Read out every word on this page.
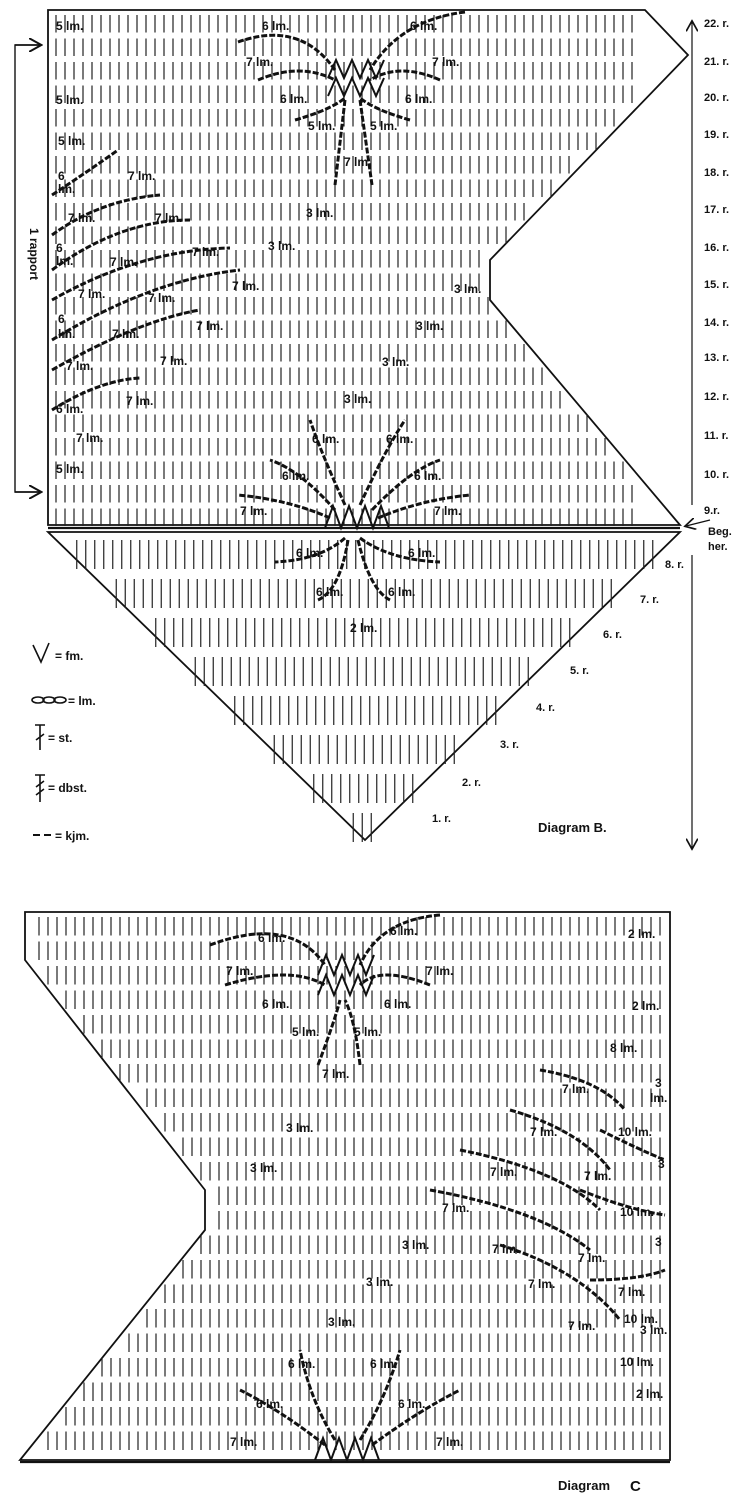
5 lm.	6 lm.	6 lm.
7 lm.	7 lm.
5 lm.	6 lm.	6 lm.
5 lm.	5 lm.
5 lm.
7 lm.
6
lm.
7 lm.
7 lm.	7 lm.	3 lm.
6
lm.	7 lm.
7 lm.	3 lm.
7 lm.	3 lm.
7 lm.
7 lm.
6
lm.	7 lm.
7 lm.	3 lm.
7 lm.	7 lm.	3 lm.
7 lm.
6 lm.
3 lm.
7 lm.	6 lm.	6 lm.
5 lm.	6 lm.	6 lm.
7 lm.	7 lm.
6 lm.	6 lm.
6 lm.	6 lm.
2 lm.
1. r.
2. r.
3. r.
4. r.
5. r.
6. r.
7. r.
8. r.
9.r.
10. r.
11. r.
12. r.
13. r.
14. r.
15. r.
16. r.
17. r.
18. r.
19. r.
20. r.
21. r.
22. r.
1 rapport
Beg.
her.
Diagram B.
= fm.
= lm.
= st.
= dbst.
= kjm.
6 lm.	6 lm.	2 lm.
7 lm.	7 lm.
6 lm.	6 lm.	2 lm.
5 lm.	5 lm.
8 lm.
7 lm.
7 lm.
3
lm.
3 lm.	7 lm.	10 lm.
3 lm.	7 lm.	7 lm.
3
7 lm.	10 lm.
3 lm.	7 lm.	3
7 lm.
7 lm.
3 lm.
7 lm.
10 lm.
3 lm.	7 lm.	3 lm.
6 lm.	6 lm.	10 lm.
6 lm.	6 lm.
2 lm.
7 lm.	7 lm.
Diagram C
